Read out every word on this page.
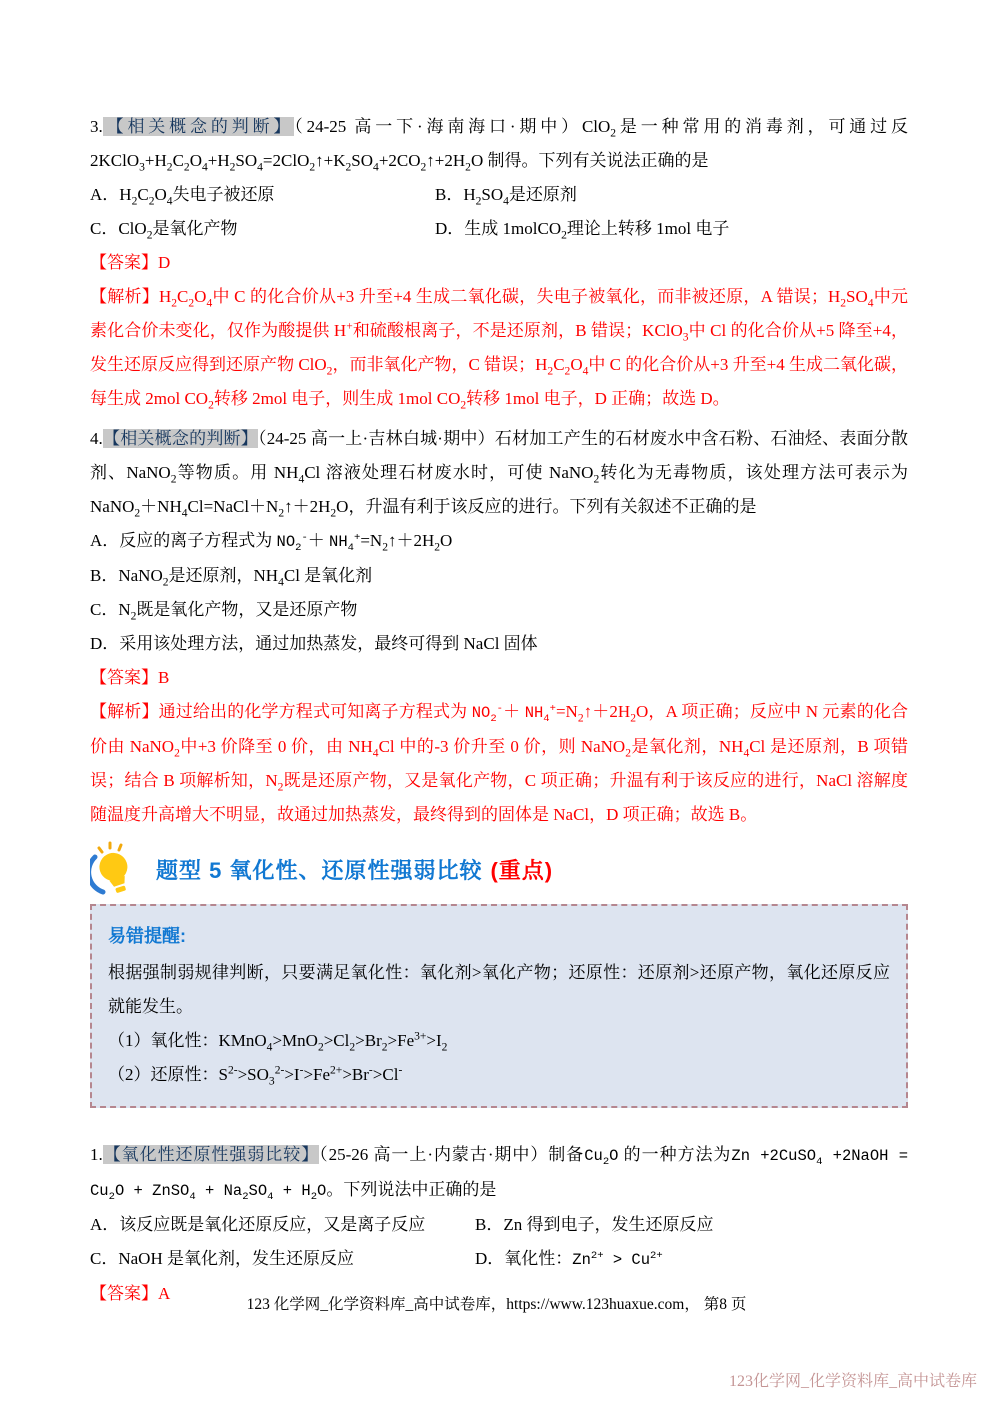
3.【相关概念的判断】（24-25 高一下·海南海口·期中）ClO$_2$是一种常用的消毒剂，可通过反$2KClO_3+H_2C_2O_4+H_2SO_4=2ClO_2↑+K_2SO_4+2CO_2↑+2H_2O$ 制得。下列有关说法正确的是

A．$H_2C_2O_4$失电子被还原	B．$H_2SO_4$是还原剂

C．ClO$_2$是氧化产物	D．生成 1molCO$_2$理论上转移 1mol 电子

【答案】D

【解析】$H_2C_2O_4$中 C 的化合价从+3 升至+4 生成二氧化碳，失电子被氧化，而非被还原，A 错误；$H_2SO_4$中元素化合价未变化，仅作为酸提供 H+和硫酸根离子，不是还原剂，B 错误；KClO$_3$中 Cl 的化合价从+5 降至+4，发生还原反应得到还原产物 ClO$_2$，而非氧化产物，C 错误；$H_2C_2O_4$中 C 的化合价从+3 升至+4 生成二氧化碳，每生成 2mol $CO_2$转移 2mol 电子，则生成 1mol $CO_2$转移 1mol 电子，D 正确；故选 D。

4.【相关概念的判断】（24-25 高一上·吉林白城·期中）石材加工产生的石材废水中含石粉、石油烃、表面分散剂、NaNO$_2$等物质。用 $NH_4Cl$ 溶液处理石材废水时，可使 NaNO$_2$转化为无毒物质，该处理方法可表示为$NaNO_2+NH_4Cl=NaCl+N_2↑+2H_2O$，升温有利于该反应的进行。下列有关叙述不正确的是

A．反应的离子方程式为 $NO_2^-+$ $NH_4^+=N_2↑+2H_2O$

B．NaNO$_2$是还原剂，$NH_4Cl$ 是氧化剂

C．$N_2$既是氧化产物，又是还原产物

D．采用该处理方法，通过加热蒸发，最终可得到 NaCl 固体

【答案】B

【解析】通过给出的化学方程式可知离子方程式为 $NO_2^-+$ $NH_4^+=N_2↑+2H_2O$，A 项正确；反应中 N 元素的化合价由 NaNO$_2$中+3 价降至 0 价，由 $NH_4Cl$ 中的-3 价升至 0 价，则 NaNO$_2$是氧化剂，$NH_4Cl$ 是还原剂，B 项错误；结合 B 项解析知，$N_2$既是还原产物，又是氧化产物，C 项正确；升温有利于该反应的进行，NaCl 溶解度随温度升高增大不明显，故通过加热蒸发，最终得到的固体是 NaCl，D 项正确；故选 B。

题型 5 氧化性、还原性强弱比较 (重点)

易错提醒:

根据强制弱规律判断，只要满足氧化性：氧化剂>氧化产物；还原性：还原剂>还原产物，氧化还原反应就能发生。

（1）氧化性：$KMnO_4>MnO_2>Cl_2>Br_2>Fe^{3+}>I_2$

（2）还原性：$S^{2-}>SO_3^{2-}>I^->Fe^{2+}>Br^->Cl^-$

1.【氧化性还原性强弱比较】（25-26 高一上·内蒙古·期中）制备$Cu_2O$ 的一种方法为Zn +2CuSO$_4$ +2NaOH = $Cu_2O$ + ZnSO$_4$ + $Na_2SO_4 + H_2O$。下列说法中正确的是

A．该反应既是氧化还原反应，又是离子反应	B．Zn 得到电子，发生还原反应

C．NaOH 是氧化剂，发生还原反应	D．氧化性：$Zn^{2+} > Cu^{2+}$

【答案】A

123 化学网_化学资料库_高中试卷库，https://www.123huaxue.com， 第8 页
123化学网_化学资料库_高中试卷库
